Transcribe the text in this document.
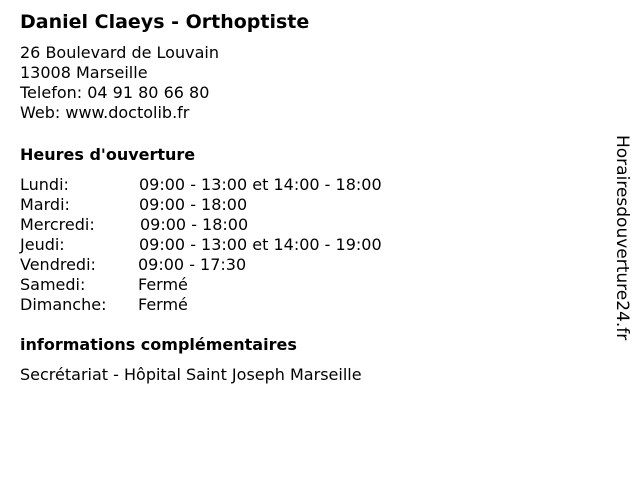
Daniel Claeys - Orthoptiste
26 Boulevard de Louvain
13008 Marseille
Telefon: 04 91 80 66 80
Web: www.doctolib.fr
Heures d'ouverture
Lundi:	09:00 - 13:00 et 14:00 - 18:00
Mardi:	09:00 - 18:00
Mercredi:	09:00 - 18:00
Jeudi:	09:00 - 13:00 et 14:00 - 19:00
Vendredi:	09:00 - 17:30
Samedi:	Fermé
Dimanche: Fermé
informations complémentaires
Secrétariat - Hôpital Saint Joseph Marseille
Horairesdouverture24.fr
